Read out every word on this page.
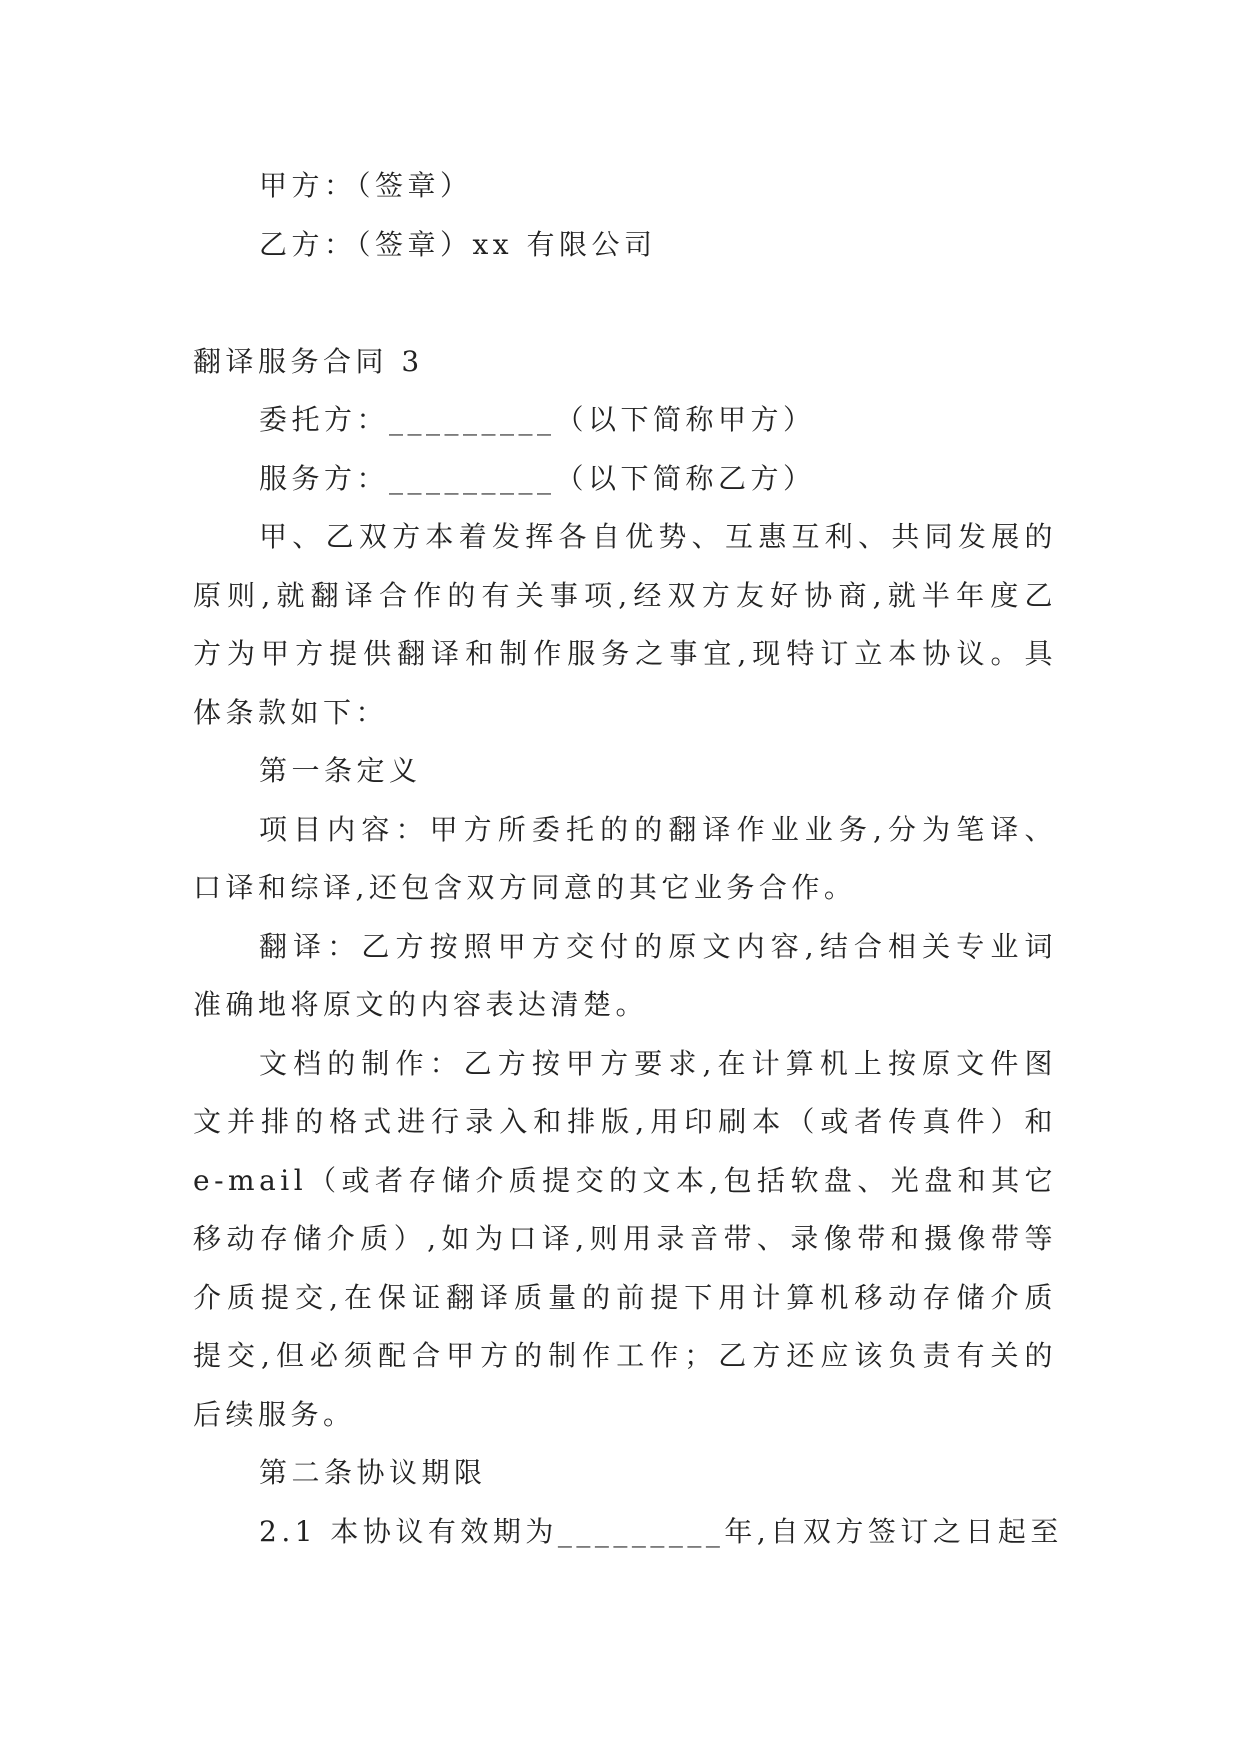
甲方：（签章）
乙方：（签章）xx 有限公司
翻译服务合同 3
委托方：_________（以下简称甲方）
服务方：_________（以下简称乙方）
甲、乙双方本着发挥各自优势、互惠互利、共同发展的
原则,就翻译合作的有关事项,经双方友好协商,就半年度乙
方为甲方提供翻译和制作服务之事宜,现特订立本协议。具
体条款如下：
第一条定义
项目内容：甲方所委托的的翻译作业业务,分为笔译、
口译和综译,还包含双方同意的其它业务合作。
翻译：乙方按照甲方交付的原文内容,结合相关专业词
准确地将原文的内容表达清楚。
文档的制作：乙方按甲方要求,在计算机上按原文件图
文并排的格式进行录入和排版,用印刷本（或者传真件）和
e-mail（或者存储介质提交的文本,包括软盘、光盘和其它
移动存储介质）,如为口译,则用录音带、录像带和摄像带等
介质提交,在保证翻译质量的前提下用计算机移动存储介质
提交,但必须配合甲方的制作工作；乙方还应该负责有关的
后续服务。
第二条协议期限
2.1 本协议有效期为_________年,自双方签订之日起至
